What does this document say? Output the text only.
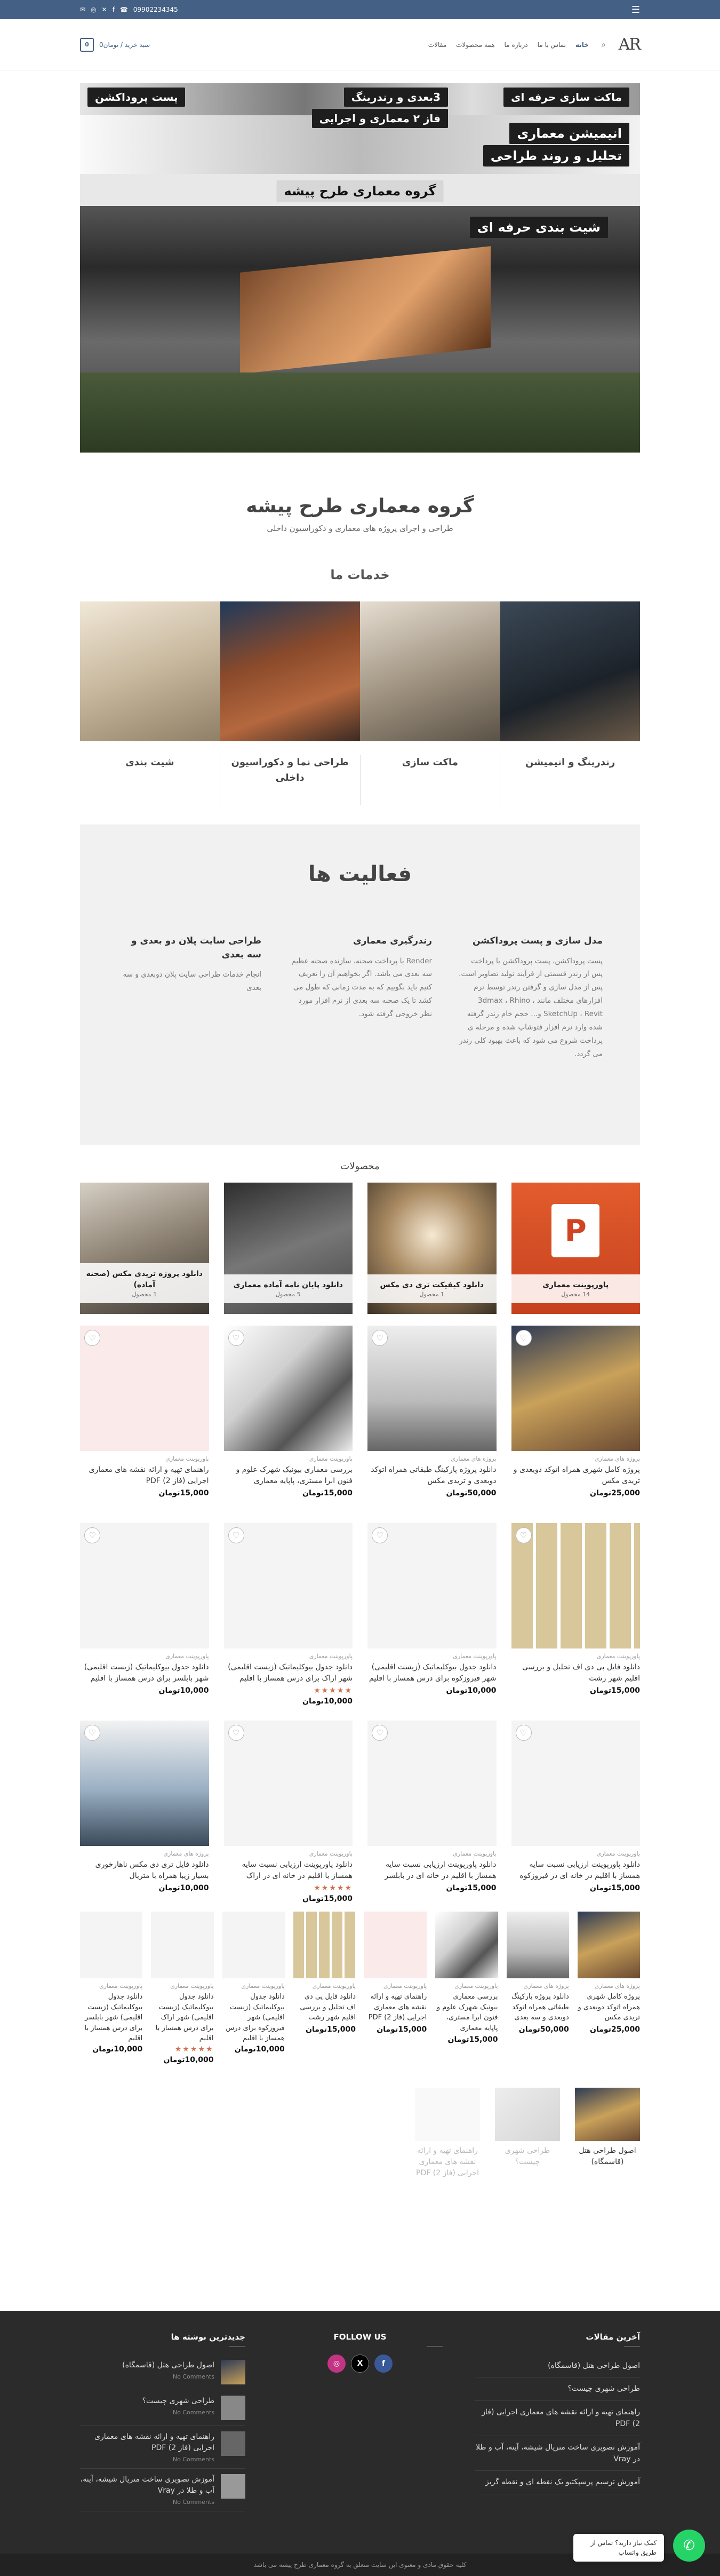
☰
✉ ◎ ✕ f ☎ 09902234345
AR
⌕
خانه
تماس با ما
درباره ما
همه محصولات
مقالات
سبد خرید / تومان0
0
ماکت سازی حرفه ای
3بعدی و رندرینگ
پست پروداکشن
فاز ۲ معماری و اجرایی
انیمیشن معماری
تحلیل و روند طراحی
گروه معماری طرح پیشه
شیت بندی حرفه ای
گروه معماری طرح پیشه

طراحی و اجرای پروژه های معماری و دکوراسیون داخلی

خدمات ما
رندرینگ و انیمیشن
ماکت سازی
طراحی نما و دکوراسیون داخلی
شیت بندی
فعالیت ها
مدل سازی و پست پروداکشن

پست پروداکشن، پست پروداکشن یا پرداخت پس از رندر قسمتی از فرآیند تولید تصاویر است. پس از مدل سازی و گرفتن رندر توسط نرم افزارهای مختلف مانند 3dmax ، Rhino ، SketchUp ، Revit و... حجم خام رندر گرفته شده وارد نرم افزار فتوشاپ شده و مرحله ی پرداخت شروع می شود که باعث بهبود کلی رندر می گردد.

رندرگیری معماری

Render یا پرداخت صحنه، سازنده صحنه عظیم سه بعدی می باشد. اگر بخواهیم آن را تعریف کنیم باید بگوییم که به مدت زمانی که طول می کشد تا یک صحنه سه بعدی از نرم افزار مورد نظر خروجی گرفته شود.

طراحی سایت پلان دو بعدی و سه بعدی

انجام خدمات طراحی سایت پلان دوبعدی و سه بعدی

محصولات
P
پاورپوینت معماری
14 محصول
دانلود کیفیکت تری دی مکس
1 محصول
دانلود پایان نامه آماده معماری
5 محصول
دانلود پروژه تریدی مکس (صحنه آماده)
1 محصول
♡
پروژه های معماری
پروژه کامل شهری همراه اتوکد دوبعدی و تریدی مکس
25,000تومان
♡
پروژه های معماری
دانلود پروژه پارکینگ طبقاتی همراه اتوکد دوبعدی و تریدی مکس
50,000تومان
♡
پاورپوینت معماری
بررسی معماری بیونیک شهرک علوم و فنون ابرا مستری، پاپایه معماری
15,000تومان
♡
پاورپوینت معماری
راهنمای تهیه و ارائه نقشه های معماری اجرایی (فاز 2) PDF
15,000تومان
♡
پاورپوینت معماری
دانلود فایل بی دی اف تحلیل و بررسی اقلیم شهر رشت
15,000تومان
♡
پاورپوینت معماری
دانلود جدول بیوکلیماتیک (زیست اقلیمی) شهر فیروزکوه برای درس همساز با اقلیم
10,000تومان
♡
پاورپوینت معماری
دانلود جدول بیوکلیماتیک (زیست اقلیمی) شهر اراک برای درس همساز با اقلیم
★★★★★
10,000تومان
♡
پاورپوینت معماری
دانلود جدول بیوکلیماتیک (زیست اقلیمی) شهر بابلسر برای درس همساز با اقلیم
10,000تومان
♡
پاورپوینت معماری
دانلود پاورپوینت ارزیابی نسبت سایه همساز با اقلیم در خانه ای در فیروزکوه
15,000تومان
♡
پاورپوینت معماری
دانلود پاورپوینت ارزیابی نسبت سایه همساز با اقلیم در خانه ای در بابلسر
15,000تومان
♡
پاورپوینت معماری
دانلود پاورپوینت ارزیابی نسبت سایه همساز با اقلیم در خانه ای در اراک
★★★★★
15,000تومان
♡
پروژه های معماری
دانلود فایل تری دی مکس ناهارخوری بسیار زیبا همراه با متریال
10,000تومان
پروژه های معماری
پروژه کامل شهری همراه اتوکد دوبعدی و تریدی مکس
25,000تومان
پروژه های معماری
دانلود پروژه پارکینگ طبقاتی همراه اتوکد دوبعدی و سه بعدی
50,000تومان
پاورپوینت معماری
بررسی معماری بیونیک شهرک علوم و فنون ابرا مستری، پاپایه معماری
15,000تومان
پاورپوینت معماری
راهنمای تهیه و ارائه نقشه های معماری اجرایی (فاز 2) PDF
15,000تومان
پاورپوینت معماری
دانلود فایل پی دی اف تحلیل و بررسی اقلیم شهر رشت
15,000تومان
پاورپوینت معماری
دانلود جدول بیوکلیماتیک (زیست اقلیمی) شهر فیروزکوه برای درس همساز با اقلیم
10,000تومان
پاورپوینت معماری
دانلود جدول بیوکلیماتیک (زیست اقلیمی) شهر اراک برای درس همساز با اقلیم
★★★★★
10,000تومان
پاورپوینت معماری
دانلود جدول بیوکلیماتیک (زیست اقلیمی) شهر بابلسر برای درس همساز با اقلیم
10,000تومان
اصول طراحی هتل (قاسمگاه)
طراحی شهری چیست؟
راهنمای تهیه و ارائه نقشه های معماری اجرایی (فاز 2) PDF
آخرین مقالات
اصول طراحی هتل (قاسمگاه)
طراحی شهری چیست؟
راهنمای تهیه و ارائه نقشه های معماری اجرایی (فاز 2) PDF
آموزش تصویری ساخت متریال شیشه، آینه، آب و طلا در Vray
آموزش ترسیم پرسپکتیو یک نقطه ای و نقطه گریز
FOLLOW US
f
X
◎
جدیدترین نوشته ها
اصول طراحی هتل (قاسمگاه)
No Comments
طراحی شهری چیست؟
No Comments
راهنمای تهیه و ارائه نقشه های معماری اجرایی (فاز 2) PDF
No Comments
آموزش تصویری ساخت متریال شیشه، آینه، آب و طلا در Vray
No Comments
کلیه حقوق مادی و معنوی این سایت متعلق به گروه معماری طرح پیشه می باشد
کمک نیاز دارید؟ تماس از طریق واتساپ	✆
